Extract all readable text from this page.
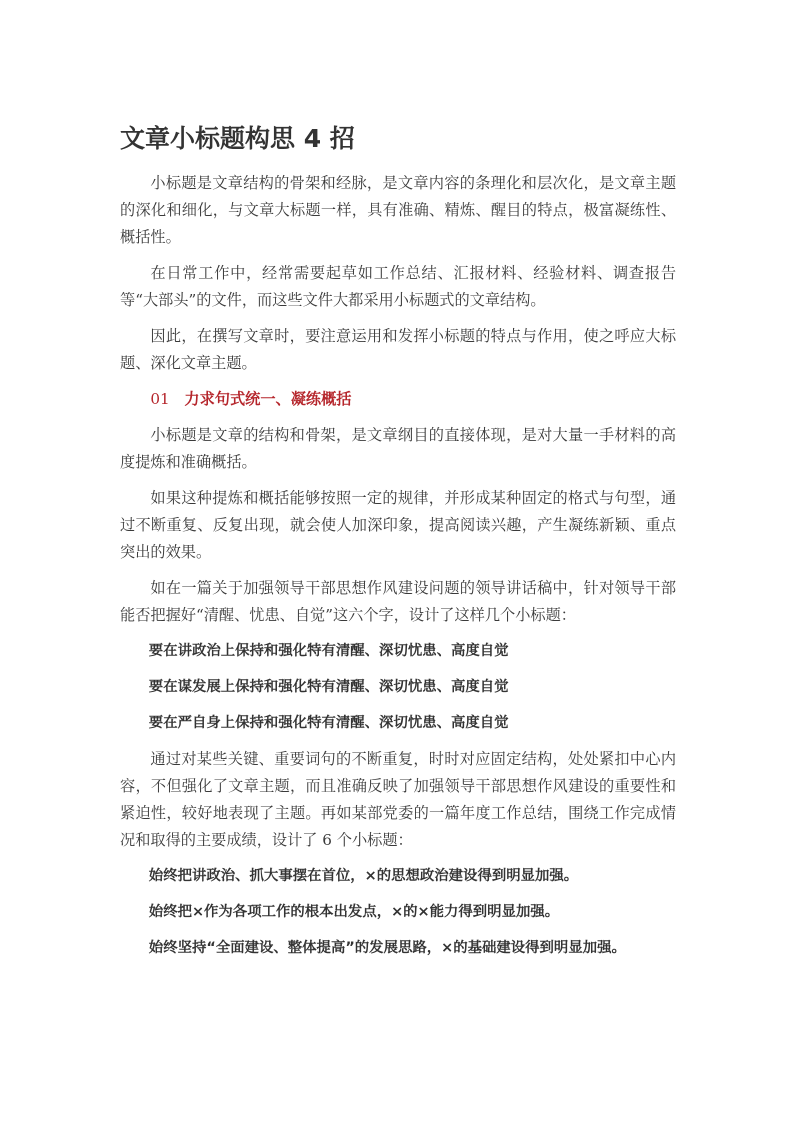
文章小标题构思 4 招

小标题是文章结构的骨架和经脉，是文章内容的条理化和层次化，是文章主题的深化和细化，与文章大标题一样，具有准确、精炼、醒目的特点，极富凝练性、概括性。

在日常工作中，经常需要起草如工作总结、汇报材料、经验材料、调查报告等“大部头”的文件，而这些文件大都采用小标题式的文章结构。

因此，在撰写文章时，要注意运用和发挥小标题的特点与作用，使之呼应大标题、深化文章主题。

01 力求句式统一、凝练概括

小标题是文章的结构和骨架，是文章纲目的直接体现，是对大量一手材料的高度提炼和准确概括。

如果这种提炼和概括能够按照一定的规律，并形成某种固定的格式与句型，通过不断重复、反复出现，就会使人加深印象，提高阅读兴趣，产生凝练新颖、重点突出的效果。

如在一篇关于加强领导干部思想作风建设问题的领导讲话稿中，针对领导干部能否把握好“清醒、忧患、自觉”这六个字，设计了这样几个小标题：

要在讲政治上保持和强化特有清醒、深切忧患、高度自觉

要在谋发展上保持和强化特有清醒、深切忧患、高度自觉

要在严自身上保持和强化特有清醒、深切忧患、高度自觉

通过对某些关键、重要词句的不断重复，时时对应固定结构，处处紧扣中心内容，不但强化了文章主题，而且准确反映了加强领导干部思想作风建设的重要性和紧迫性，较好地表现了主题。再如某部党委的一篇年度工作总结，围绕工作完成情况和取得的主要成绩，设计了 6 个小标题：

始终把讲政治、抓大事摆在首位，×的思想政治建设得到明显加强。

始终把×作为各项工作的根本出发点，×的×能力得到明显加强。

始终坚持“全面建设、整体提高”的发展思路，×的基础建设得到明显加强。
